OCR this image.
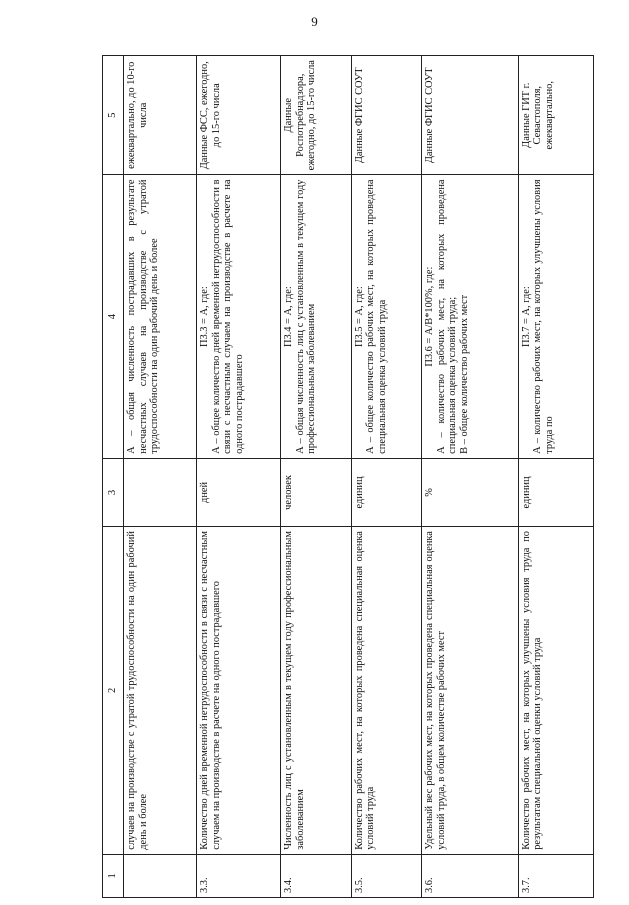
9
1	2	3	4	5
	случаев на производстве с утратой трудоспособности на один рабочий день и более		А – общая численность пострадавших в результате несчастных случаев на производстве с утратой трудоспособности на один рабочий день и более	ежеквартально, до 10-го числа
3.3.	Количество дней временной нетрудоспособности в связи с несчастным случаем на производстве в расчете на одного пострадавшего	дней	П3.3 = А, где: А – общее количество дней временной нетрудоспособности в связи с несчастным случаем на производстве в расчете на одного пострадавшего	Данные ФСС, ежегодно, до 15-го числа
3.4.	Численность лиц с установленным в текущем году профессиональным заболеванием	человек	П3.4 = А, где: А – общая численность лиц с установленным в текущем году профессиональным заболеванием	Данные Роспотребнадзора, ежегодно, до 15-го числа
3.5.	Количество рабочих мест, на которых проведена специальная оценка условий труда	единиц	П3.5 = А, где: А – общее количество рабочих мест, на которых проведена специальная оценка условий труда	Данные ФГИС СОУТ
3.6.	Удельный вес рабочих мест, на которых проведена специальная оценка условий труда, в общем количестве рабочих мест	%	П3.6 = А/В*100%, где: А – количество рабочих мест, на которых проведена специальная оценка условий труда; В – общее количество рабочих мест	Данные ФГИС СОУТ
3.7.	Количество рабочих мест, на которых улучшены условия труда по результатам специальной оценки условий труда	единиц	П3.7 = А, где: А – количество рабочих мест, на которых улучшены условия труда по	Данные ГИТ г. Севастополя, ежеквартально,
